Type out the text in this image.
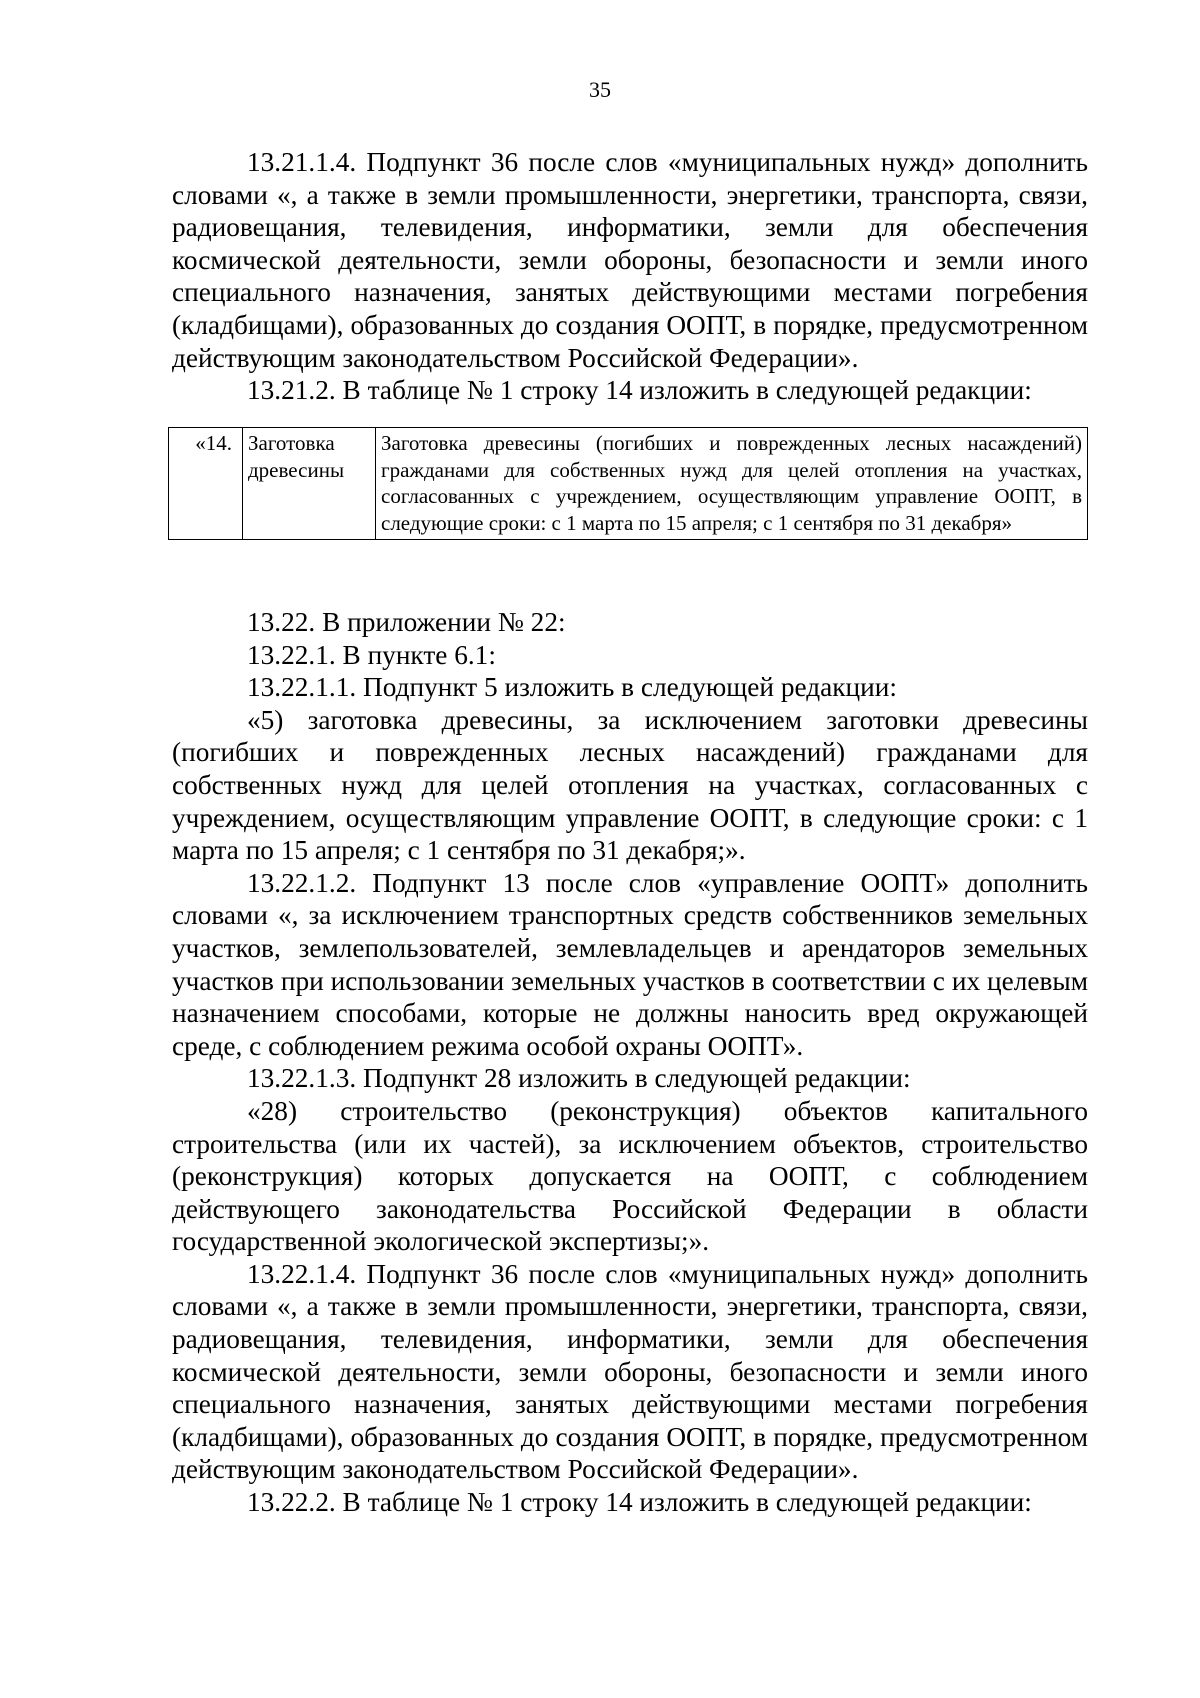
35

13.21.1.4. Подпункт 36 после слов «муниципальных нужд» дополнить словами «, а также в земли промышленности, энергетики, транспорта, связи, радиовещания, телевидения, информатики, земли для обеспечения космической деятельности, земли обороны, безопасности и земли иного специального назначения, занятых действующими местами погребения (кладбищами), образованных до создания ООПТ, в порядке, предусмотренном действующим законодательством Российской Федерации».

13.21.2. В таблице № 1 строку 14 изложить в следующей редакции:

«14.	Заготовка древесины	Заготовка древесины (погибших и поврежденных лесных насаждений) гражданами для собственных нужд для целей отопления на участках, согласованных с учреждением, осуществляющим управление ООПТ, в следующие сроки: с 1 марта по 15 апреля; с 1 сентября по 31 декабря»

13.22. В приложении № 22:

13.22.1. В пункте 6.1:

13.22.1.1. Подпункт 5 изложить в следующей редакции:

«5) заготовка древесины, за исключением заготовки древесины (погибших и поврежденных лесных насаждений) гражданами для собственных нужд для целей отопления на участках, согласованных с учреждением, осуществляющим управление ООПТ, в следующие сроки: с 1 марта по 15 апреля; с 1 сентября по 31 декабря;».

13.22.1.2. Подпункт 13 после слов «управление ООПТ» дополнить словами «, за исключением транспортных средств собственников земельных участков, землепользователей, землевладельцев и арендаторов земельных участков при использовании земельных участков в соответствии с их целевым назначением способами, которые не должны наносить вред окружающей среде, с соблюдением режима особой охраны ООПТ».

13.22.1.3. Подпункт 28 изложить в следующей редакции:

«28) строительство (реконструкция) объектов капитального строительства (или их частей), за исключением объектов, строительство (реконструкция) которых допускается на ООПТ, с соблюдением действующего законодательства Российской Федерации в области государственной экологической экспертизы;».

13.22.1.4. Подпункт 36 после слов «муниципальных нужд» дополнить словами «, а также в земли промышленности, энергетики, транспорта, связи, радиовещания, телевидения, информатики, земли для обеспечения космической деятельности, земли обороны, безопасности и земли иного специального назначения, занятых действующими местами погребения (кладбищами), образованных до создания ООПТ, в порядке, предусмотренном действующим законодательством Российской Федерации».

13.22.2. В таблице № 1 строку 14 изложить в следующей редакции:
